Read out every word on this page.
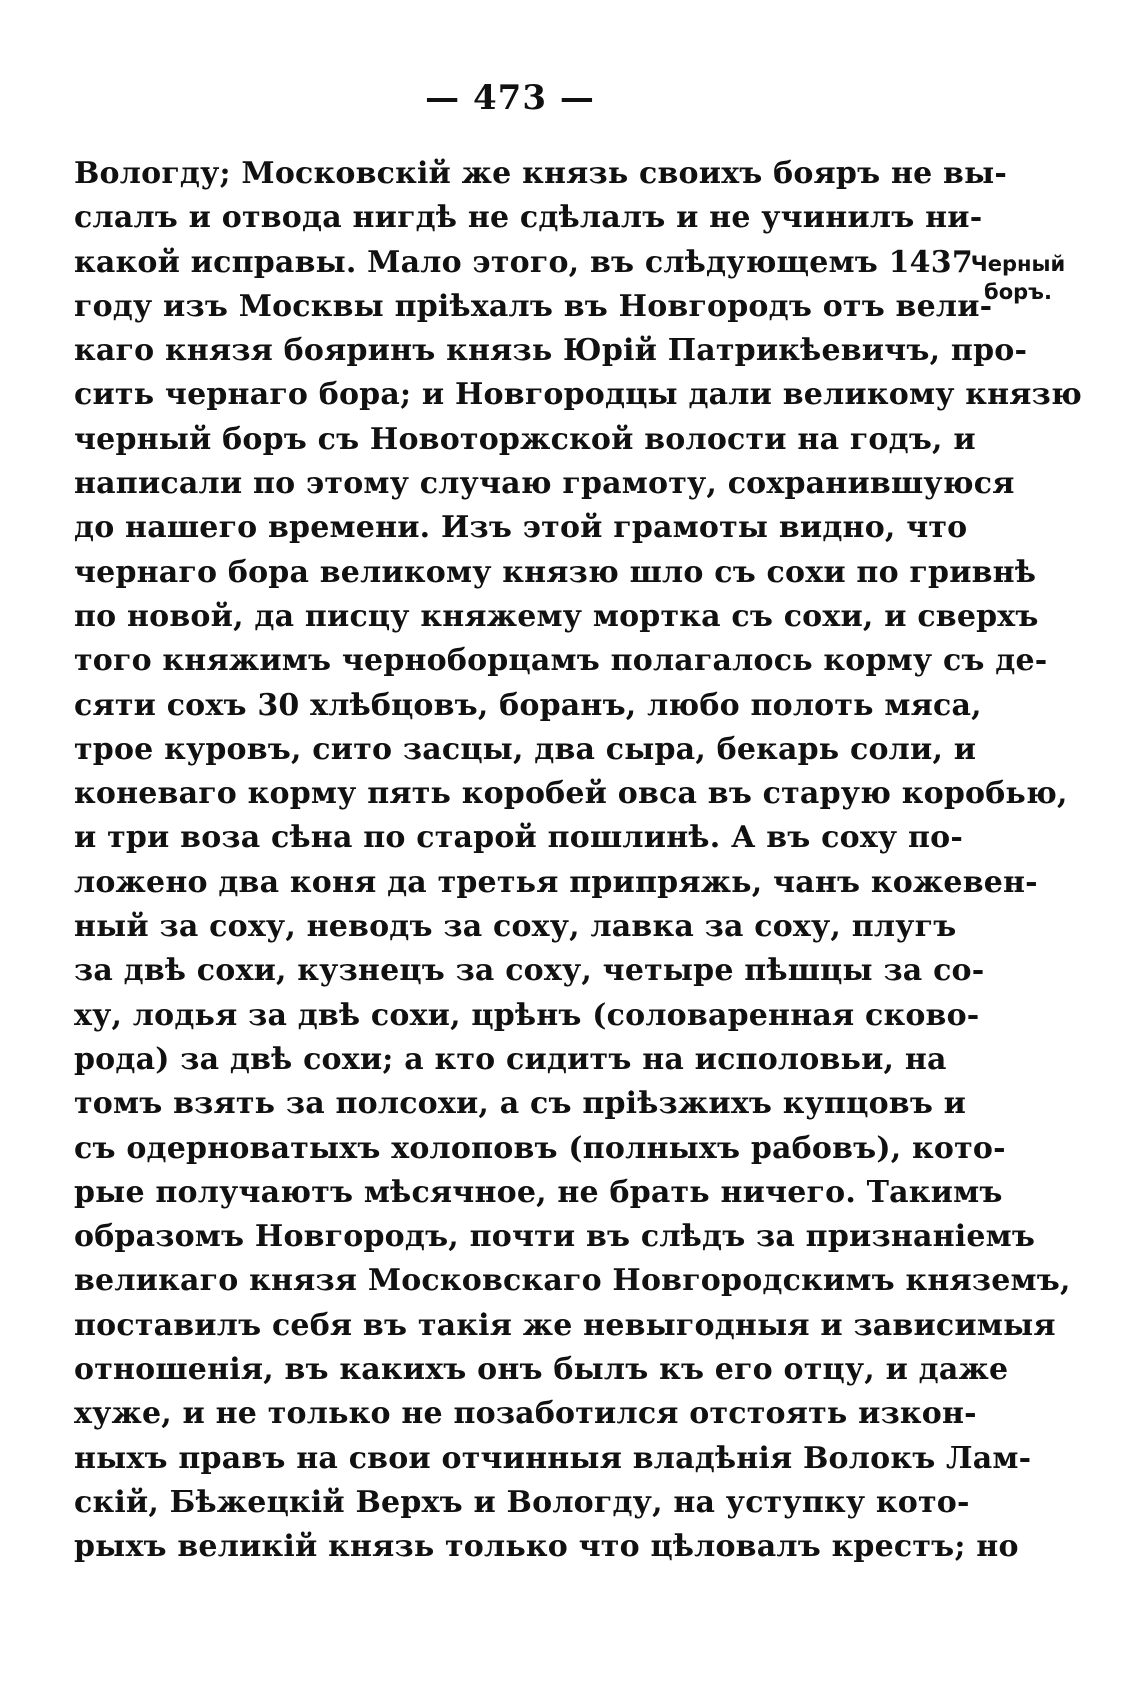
— 473 —
Черный
боръ.
Вологду; Московскій же князь своихъ бояръ не вы-
слалъ и отвода нигдѣ не сдѣлалъ и не учинилъ ни-
какой исправы. Мало этого, въ слѣдующемъ 1437
году изъ Москвы пріѣхалъ въ Новгородъ отъ вели-
каго князя бояринъ князь Юрій Патрикѣевичъ, про-
сить чернаго бора; и Новгородцы дали великому князю
черный боръ съ Новоторжской волости на годъ, и
написали по этому случаю грамоту, сохранившуюся
до нашего времени. Изъ этой грамоты видно, что
чернаго бора великому князю шло съ сохи по гривнѣ
по новой, да писцу княжему мортка съ сохи, и сверхъ
того княжимъ черноборцамъ полагалось корму съ де-
сяти сохъ 30 хлѣбцовъ, боранъ, любо полоть мяса,
трое куровъ, сито засцы, два сыра, бекарь соли, и
коневаго корму пять коробей овса въ старую коробью,
и три воза сѣна по старой пошлинѣ. А въ соху по-
ложено два коня да третья припряжь, чанъ кожевен-
ный за соху, неводъ за соху, лавка за соху, плугъ
за двѣ сохи, кузнецъ за соху, четыре пѣшцы за со-
ху, лодья за двѣ сохи, црѣнъ (соловаренная сково-
рода) за двѣ сохи; а кто сидитъ на исполовьи, на
томъ взять за полсохи, а съ пріѣзжихъ купцовъ и
съ одерноватыхъ холоповъ (полныхъ рабовъ), кото-
рые получаютъ мѣсячное, не брать ничего. Такимъ
образомъ Новгородъ, почти въ слѣдъ за признаніемъ
великаго князя Московскаго Новгородскимъ княземъ,
поставилъ себя въ такія же невыгодныя и зависимыя
отношенія, въ какихъ онъ былъ къ его отцу, и даже
хуже, и не только не позаботился отстоять изкон-
ныхъ правъ на свои отчинныя владѣнія Волокъ Лам-
скій, Бѣжецкій Верхъ и Вологду, на уступку кото-
рыхъ великій князь только что цѣловалъ крестъ; но
